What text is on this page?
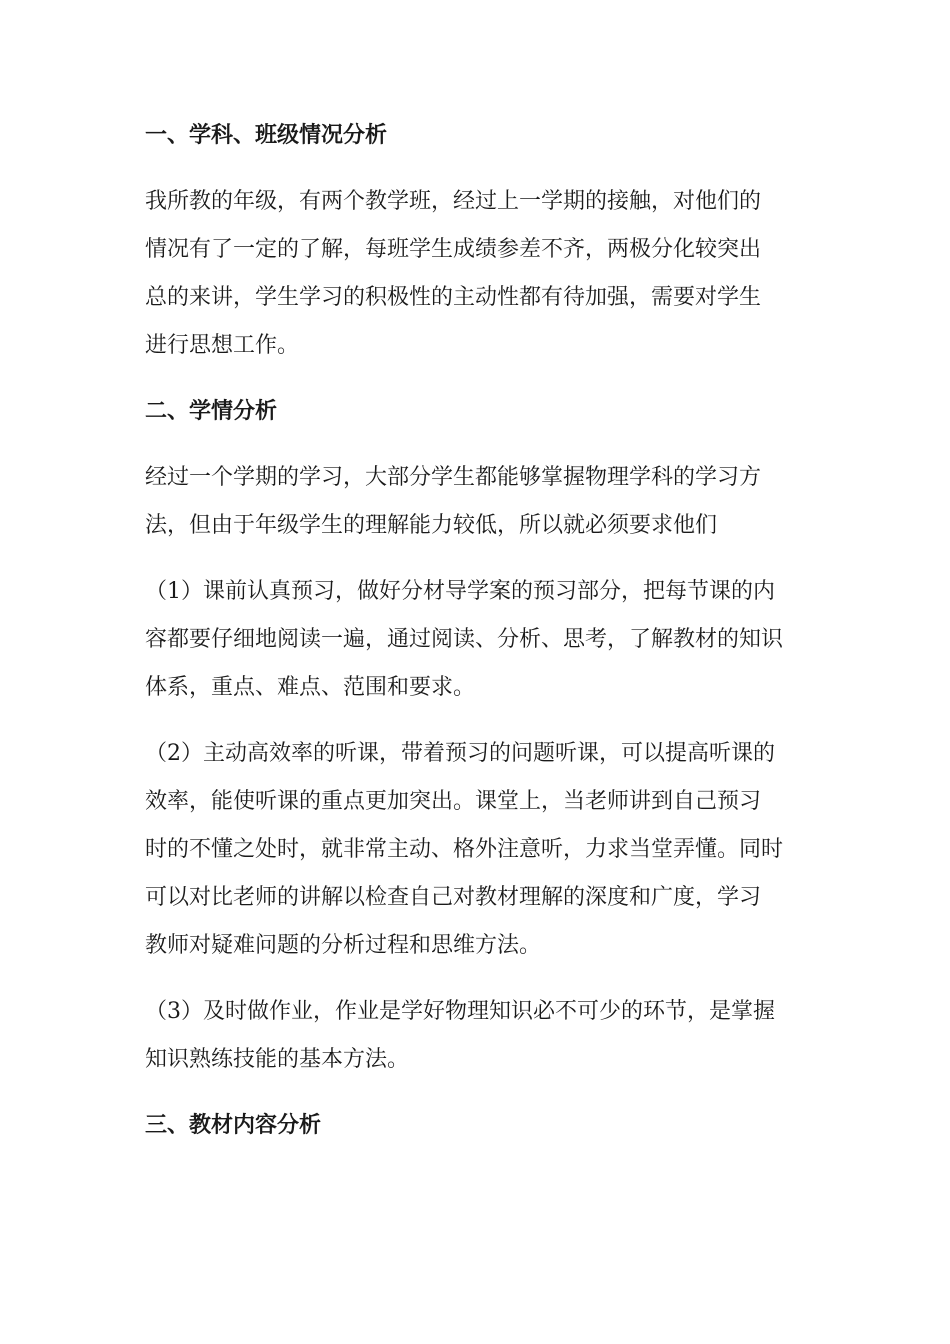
一、学科、班级情况分析
我所教的年级，有两个教学班，经过上一学期的接触，对他们的
情况有了一定的了解，每班学生成绩参差不齐，两极分化较突出
总的来讲，学生学习的积极性的主动性都有待加强，需要对学生
进行思想工作。
二、学情分析
经过一个学期的学习，大部分学生都能够掌握物理学科的学习方
法，但由于年级学生的理解能力较低，所以就必须要求他们
（1）课前认真预习，做好分材导学案的预习部分，把每节课的内
容都要仔细地阅读一遍，通过阅读、分析、思考，了解教材的知识
体系，重点、难点、范围和要求。
（2）主动高效率的听课，带着预习的问题听课，可以提高听课的
效率，能使听课的重点更加突出。课堂上，当老师讲到自己预习
时的不懂之处时，就非常主动、格外注意听，力求当堂弄懂。同时
可以对比老师的讲解以检查自己对教材理解的深度和广度，学习
教师对疑难问题的分析过程和思维方法。
（3）及时做作业，作业是学好物理知识必不可少的环节，是掌握
知识熟练技能的基本方法。
三、教材内容分析
